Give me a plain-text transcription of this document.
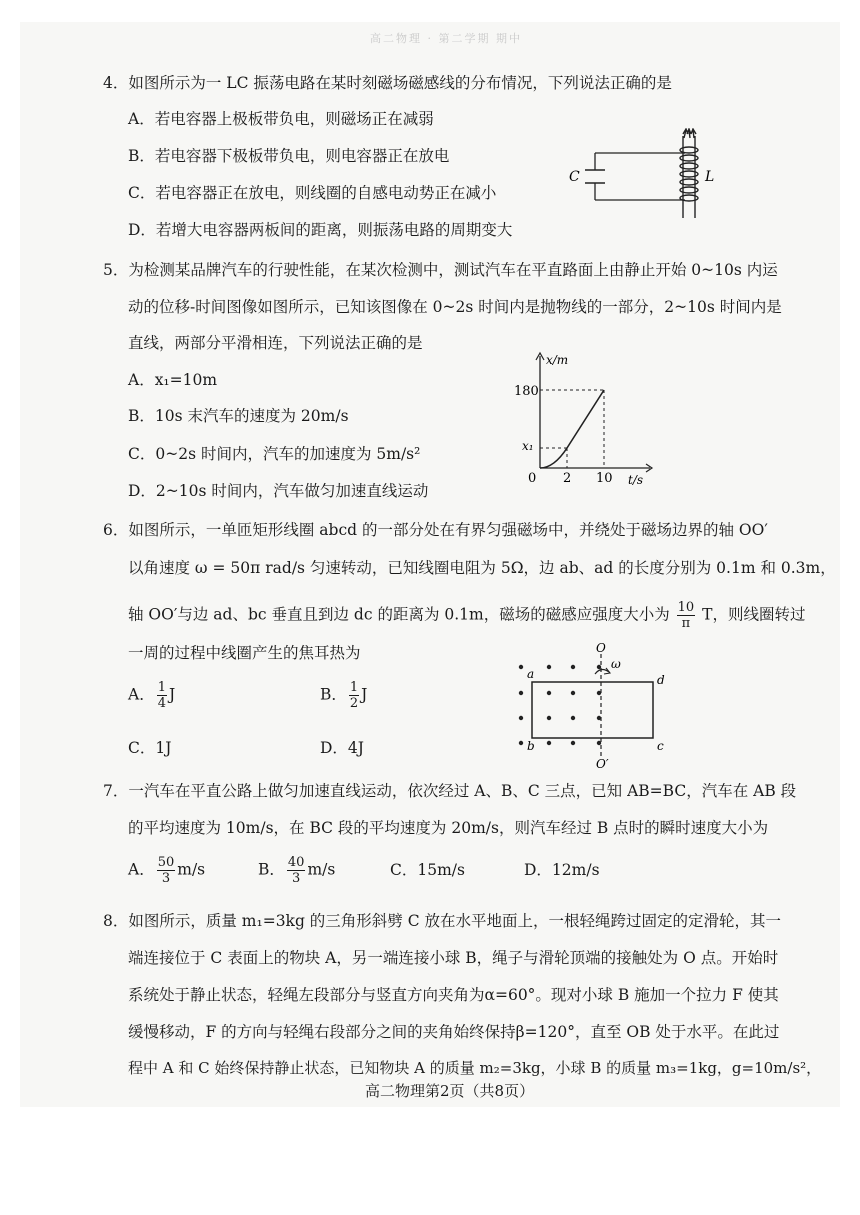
高二物理 · 第二学期 期中
4．如图所示为一 LC 振荡电路在某时刻磁场磁感线的分布情况，下列说法正确的是
A．若电容器上极板带负电，则磁场正在减弱
B．若电容器下极板带负电，则电容器正在放电
C．若电容器正在放电，则线圈的自感电动势正在减小
D．若增大电容器两板间的距离，则振荡电路的周期变大
C	L
5．为检测某品牌汽车的行驶性能，在某次检测中，测试汽车在平直路面上由静止开始 0~10s 内运
动的位移-时间图像如图所示，已知该图像在 0~2s 时间内是抛物线的一部分，2~10s 时间内是
直线，两部分平滑相连，下列说法正确的是
A．x₁=10m
B．10s 末汽车的速度为 20m/s
C．0~2s 时间内，汽车的加速度为 5m/s²
D．2~10s 时间内，汽车做匀加速直线运动
x/m
t/s
180
x₁
0 2 10
6．如图所示，一单匝矩形线圈 abcd 的一部分处在有界匀强磁场中，并绕处于磁场边界的轴 OO′
以角速度 ω = 50π rad/s 匀速转动，已知线圈电阻为 5Ω，边 ab、ad 的长度分别为 0.1m 和 0.3m，
轴 OO′与边 ad、bc 垂直且到边 dc 的距离为 0.1m，磁场的磁感应强度大小为 $\frac{10}{\pi}$ T，则线圈转过
一周的过程中线圈产生的焦耳热为
A． $\frac{1}{4}$ J	B． $\frac{1}{2}$ J
C．1J	D．4J
O
O′
ω
a
b	c
d
7．一汽车在平直公路上做匀加速直线运动，依次经过 A、B、C 三点，已知 AB=BC，汽车在 AB 段
的平均速度为 10m/s，在 BC 段的平均速度为 20m/s，则汽车经过 B 点时的瞬时速度大小为
A． $\frac{50}{3} m/s$	B． $\frac{40}{3} m/s$	C．15m/s	D．12m/s
8．如图所示，质量 m₁=3kg 的三角形斜劈 C 放在水平地面上，一根轻绳跨过固定的定滑轮，其一
端连接位于 C 表面上的物块 A，另一端连接小球 B，绳子与滑轮顶端的接触处为 O 点。开始时
系统处于静止状态，轻绳左段部分与竖直方向夹角为α=60°。现对小球 B 施加一个拉力 F 使其
缓慢移动，F 的方向与轻绳右段部分之间的夹角始终保持β=120°，直至 OB 处于水平。在此过
程中 A 和 C 始终保持静止状态，已知物块 A 的质量 m₂=3kg，小球 B 的质量 m₃=1kg，g=10m/s²，
高二物理第2页（共8页）
